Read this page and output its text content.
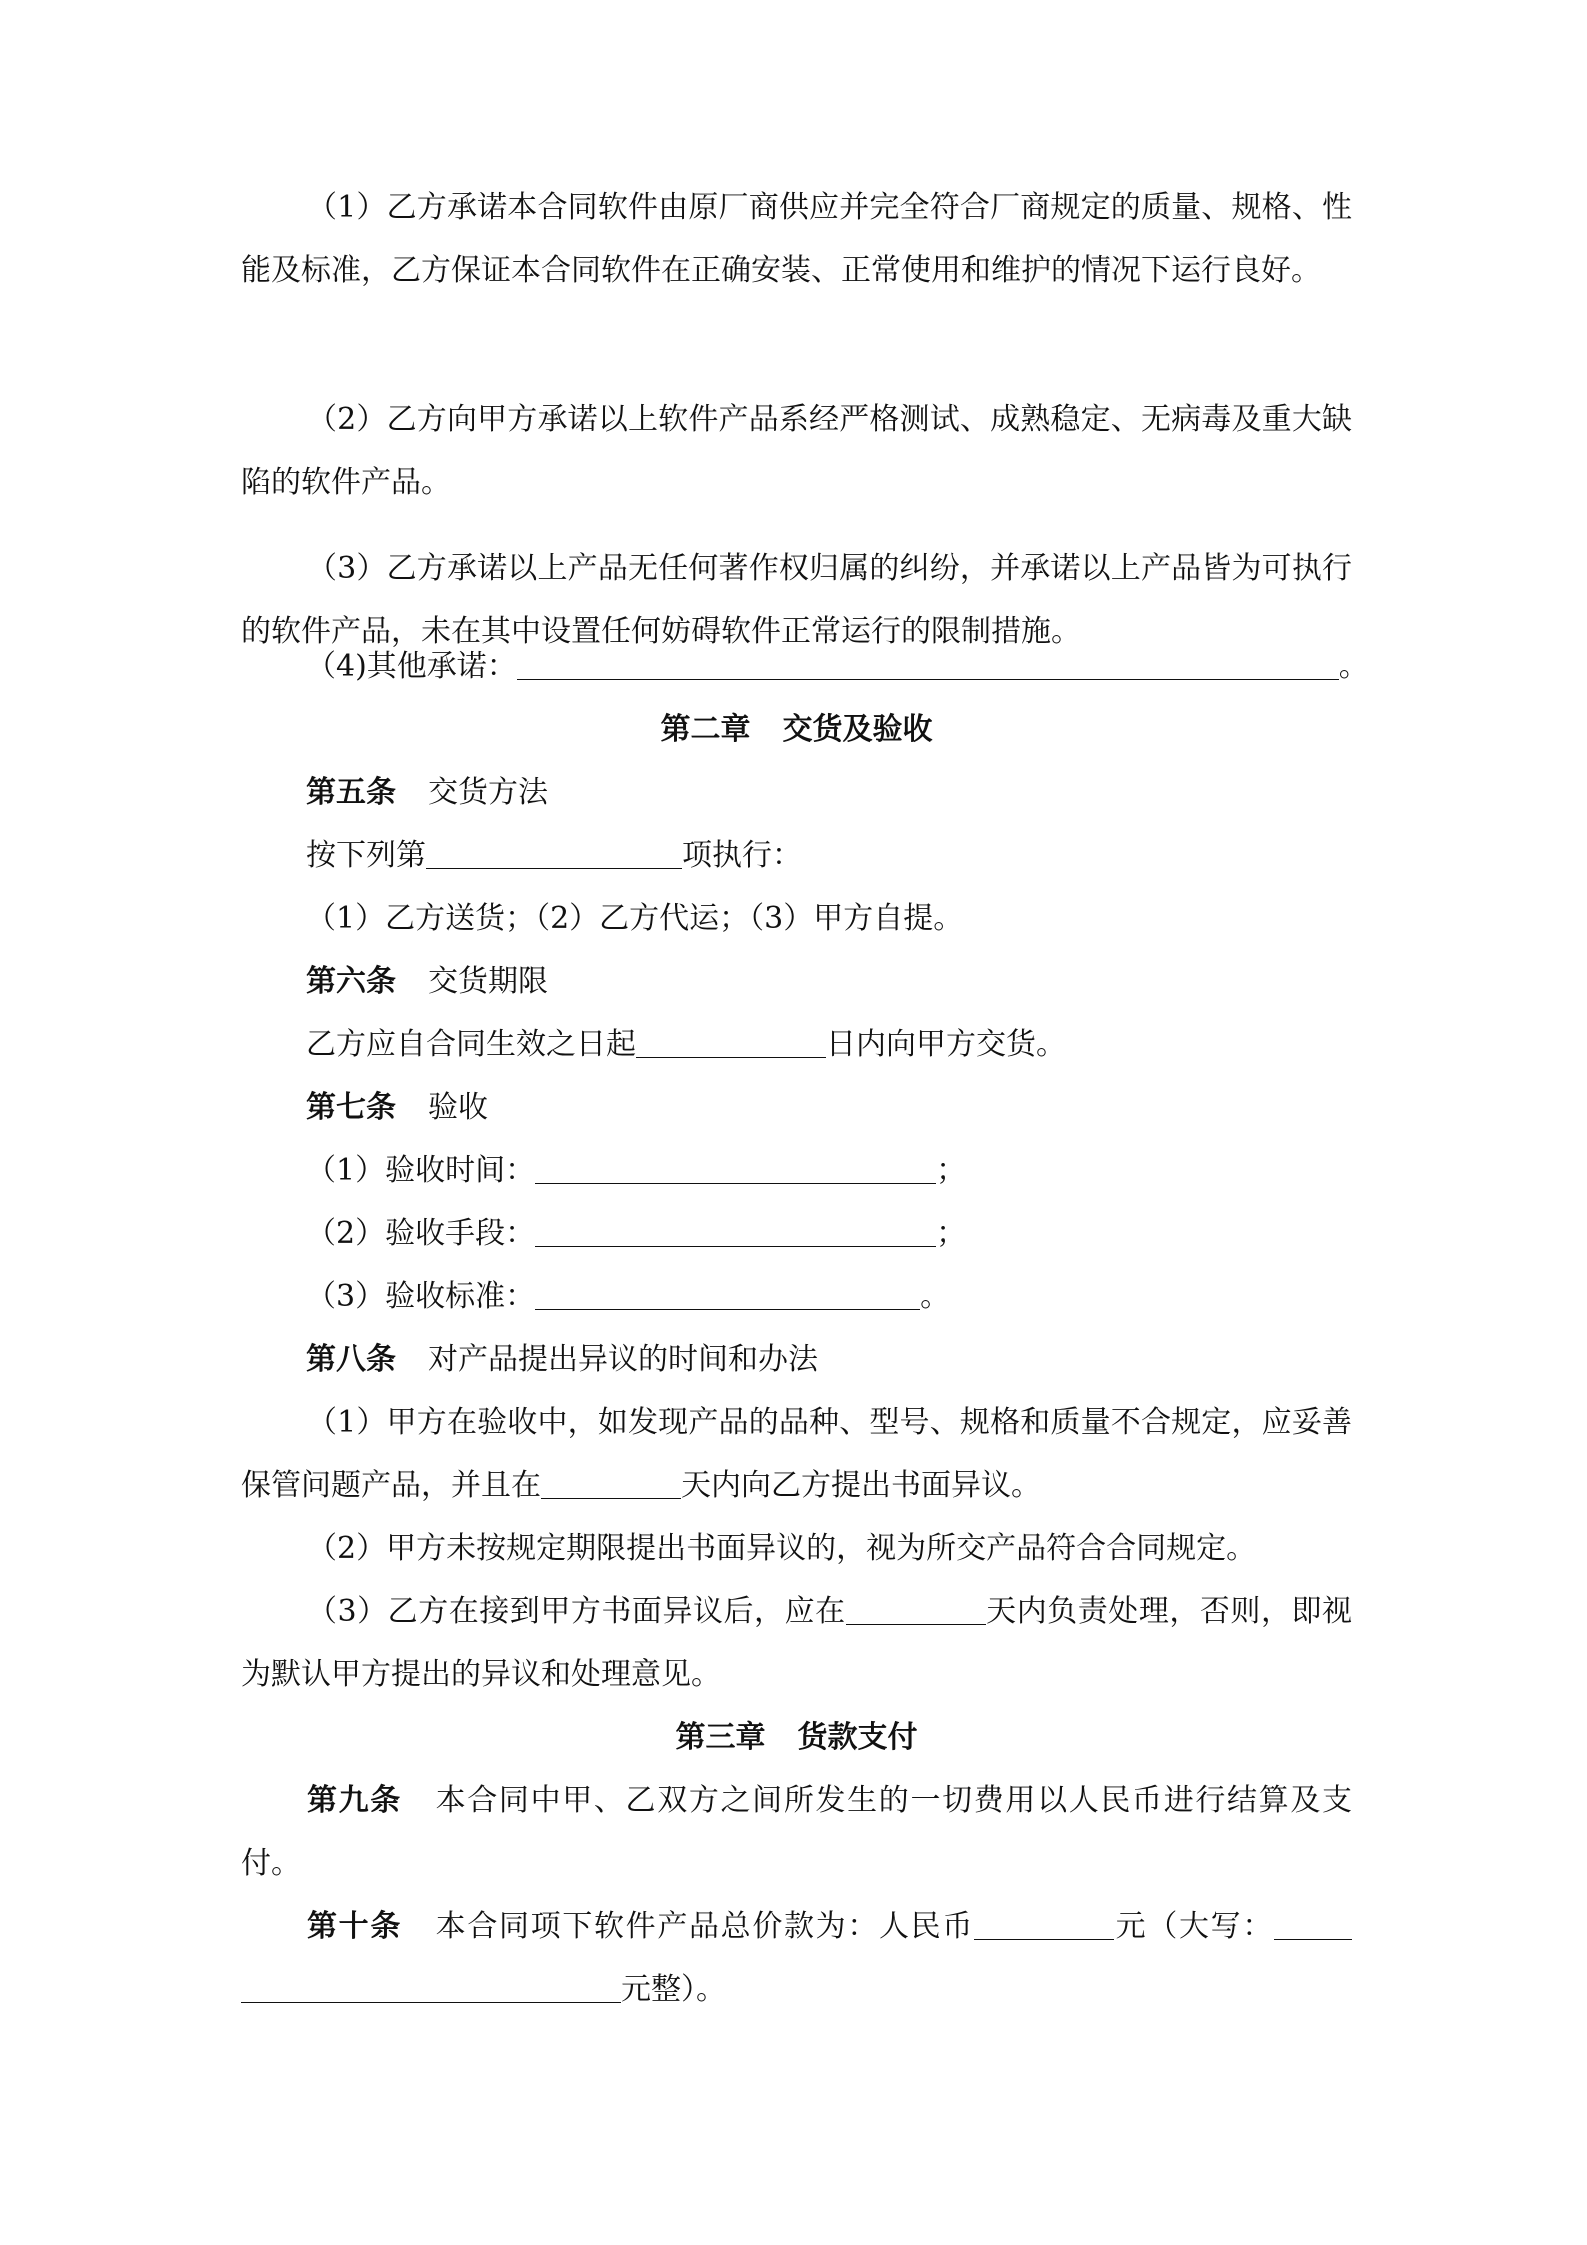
（1）乙方承诺本合同软件由原厂商供应并完全符合厂商规定的质量、规格、性能及标准，乙方保证本合同软件在正确安装、正常使用和维护的情况下运行良好。

（2）乙方向甲方承诺以上软件产品系经严格测试、成熟稳定、无病毒及重大缺陷的软件产品。

（3）乙方承诺以上产品无任何著作权归属的纠纷，并承诺以上产品皆为可执行的软件产品，未在其中设置任何妨碍软件正常运行的限制措施。

（4)其他承诺：	。

第二章 交货及验收

第五条 交货方法

按下列第	项执行：

（1）乙方送货；（2）乙方代运；（3）甲方自提。

第六条 交货期限

乙方应自合同生效之日起	日内向甲方交货。

第七条 验收

（1）验收时间：	；

（2）验收手段：	；

（3）验收标准：	。

第八条 对产品提出异议的时间和办法

（1）甲方在验收中，如发现产品的品种、型号、规格和质量不合规定，应妥善保管问题产品，并且在	天内向乙方提出书面异议。

（2）甲方未按规定期限提出书面异议的，视为所交产品符合合同规定。

（3）乙方在接到甲方书面异议后，应在	天内负责处理，否则，即视为默认甲方提出的异议和处理意见。

第三章 货款支付

第九条 本合同中甲、乙双方之间所发生的一切费用以人民币进行结算及支付。

第十条 本合同项下软件产品总价款为：人民币	元（大写：元整）。
